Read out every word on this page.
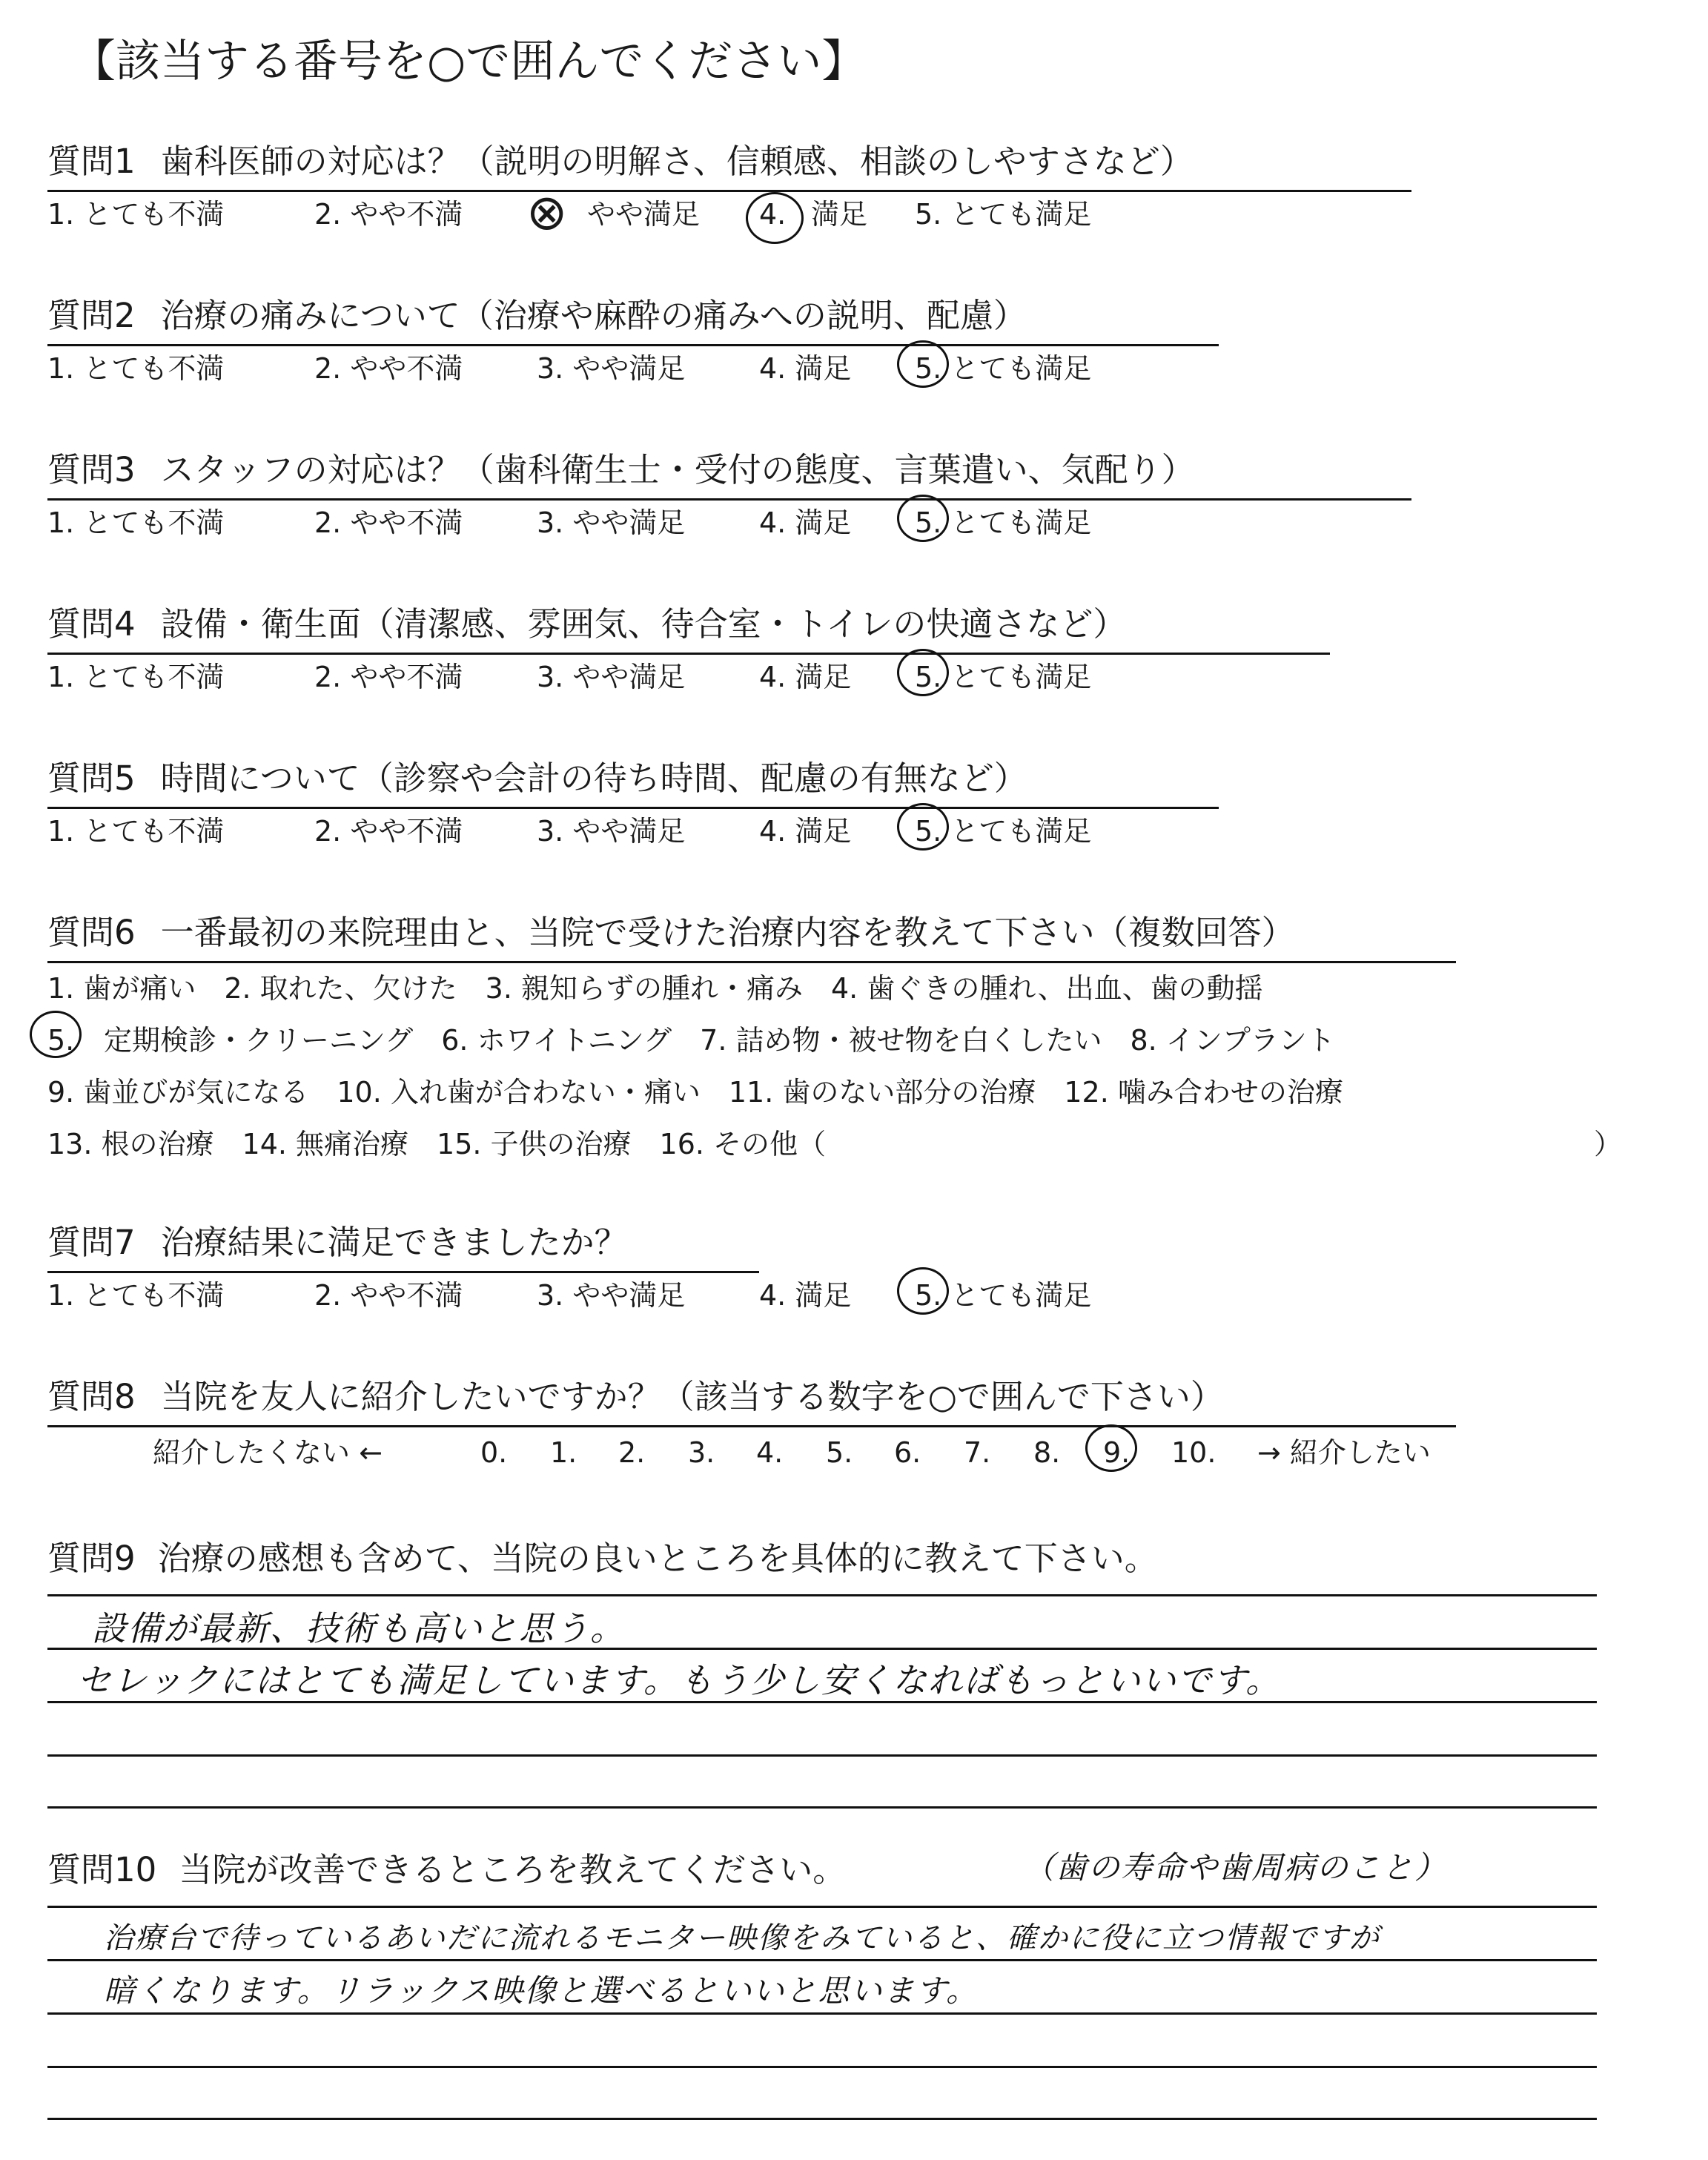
【該当する番号を○で囲んでください】
質問1 歯科医師の対応は？（説明の明解さ、信頼感、相談のしやすさなど）
1. とても不満	2. やや不満 ⊗ やや満足 4. 満足 5. とても満足
質問2 治療の痛みについて（治療や麻酔の痛みへの説明、配慮）
1. とても不満	2. やや不満	3. やや満足	4. 満足 5. とても満足
質問3 スタッフの対応は？（歯科衛生士・受付の態度、言葉遣い、気配り）
1. とても不満	2. やや不満	3. やや満足	4. 満足 5. とても満足
質問4 設備・衛生面（清潔感、雰囲気、待合室・トイレの快適さなど）
1. とても不満	2. やや不満	3. やや満足	4. 満足 5. とても満足
質問5 時間について（診察や会計の待ち時間、配慮の有無など）
1. とても不満	2. やや不満	3. やや満足	4. 満足 5. とても満足
質問6 一番最初の来院理由と、当院で受けた治療内容を教えて下さい（複数回答）
1. 歯が痛い　2. 取れた、欠けた　3. 親知らずの腫れ・痛み　4. 歯ぐきの腫れ、出血、歯の動揺
5. 定期検診・クリーニング　6. ホワイトニング　7. 詰め物・被せ物を白くしたい　8. インプラント
9. 歯並びが気になる　10. 入れ歯が合わない・痛い　11. 歯のない部分の治療　12. 噛み合わせの治療
13. 根の治療　14. 無痛治療　15. 子供の治療　16. その他（	）
質問7 治療結果に満足できましたか？
1. とても不満	2. やや不満	3. やや満足	4. 満足 5. とても満足
質問8 当院を友人に紹介したいですか？（該当する数字を○で囲んで下さい）
紹介したくない ←	0. 1. 2. 3. 4. 5. 6. 7. 8. 9. 10. → 紹介したい
質問9 治療の感想も含めて、当院の良いところを具体的に教えて下さい。
設備が最新、技術も高いと思う。
セレックにはとても満足しています。もう少し安くなればもっといいです。
質問10 当院が改善できるところを教えてください。	（歯の寿命や歯周病のこと）
治療台で待っているあいだに流れるモニター映像をみていると、確かに役に立つ情報ですが
暗くなります。リラックス映像と選べるといいと思います。
